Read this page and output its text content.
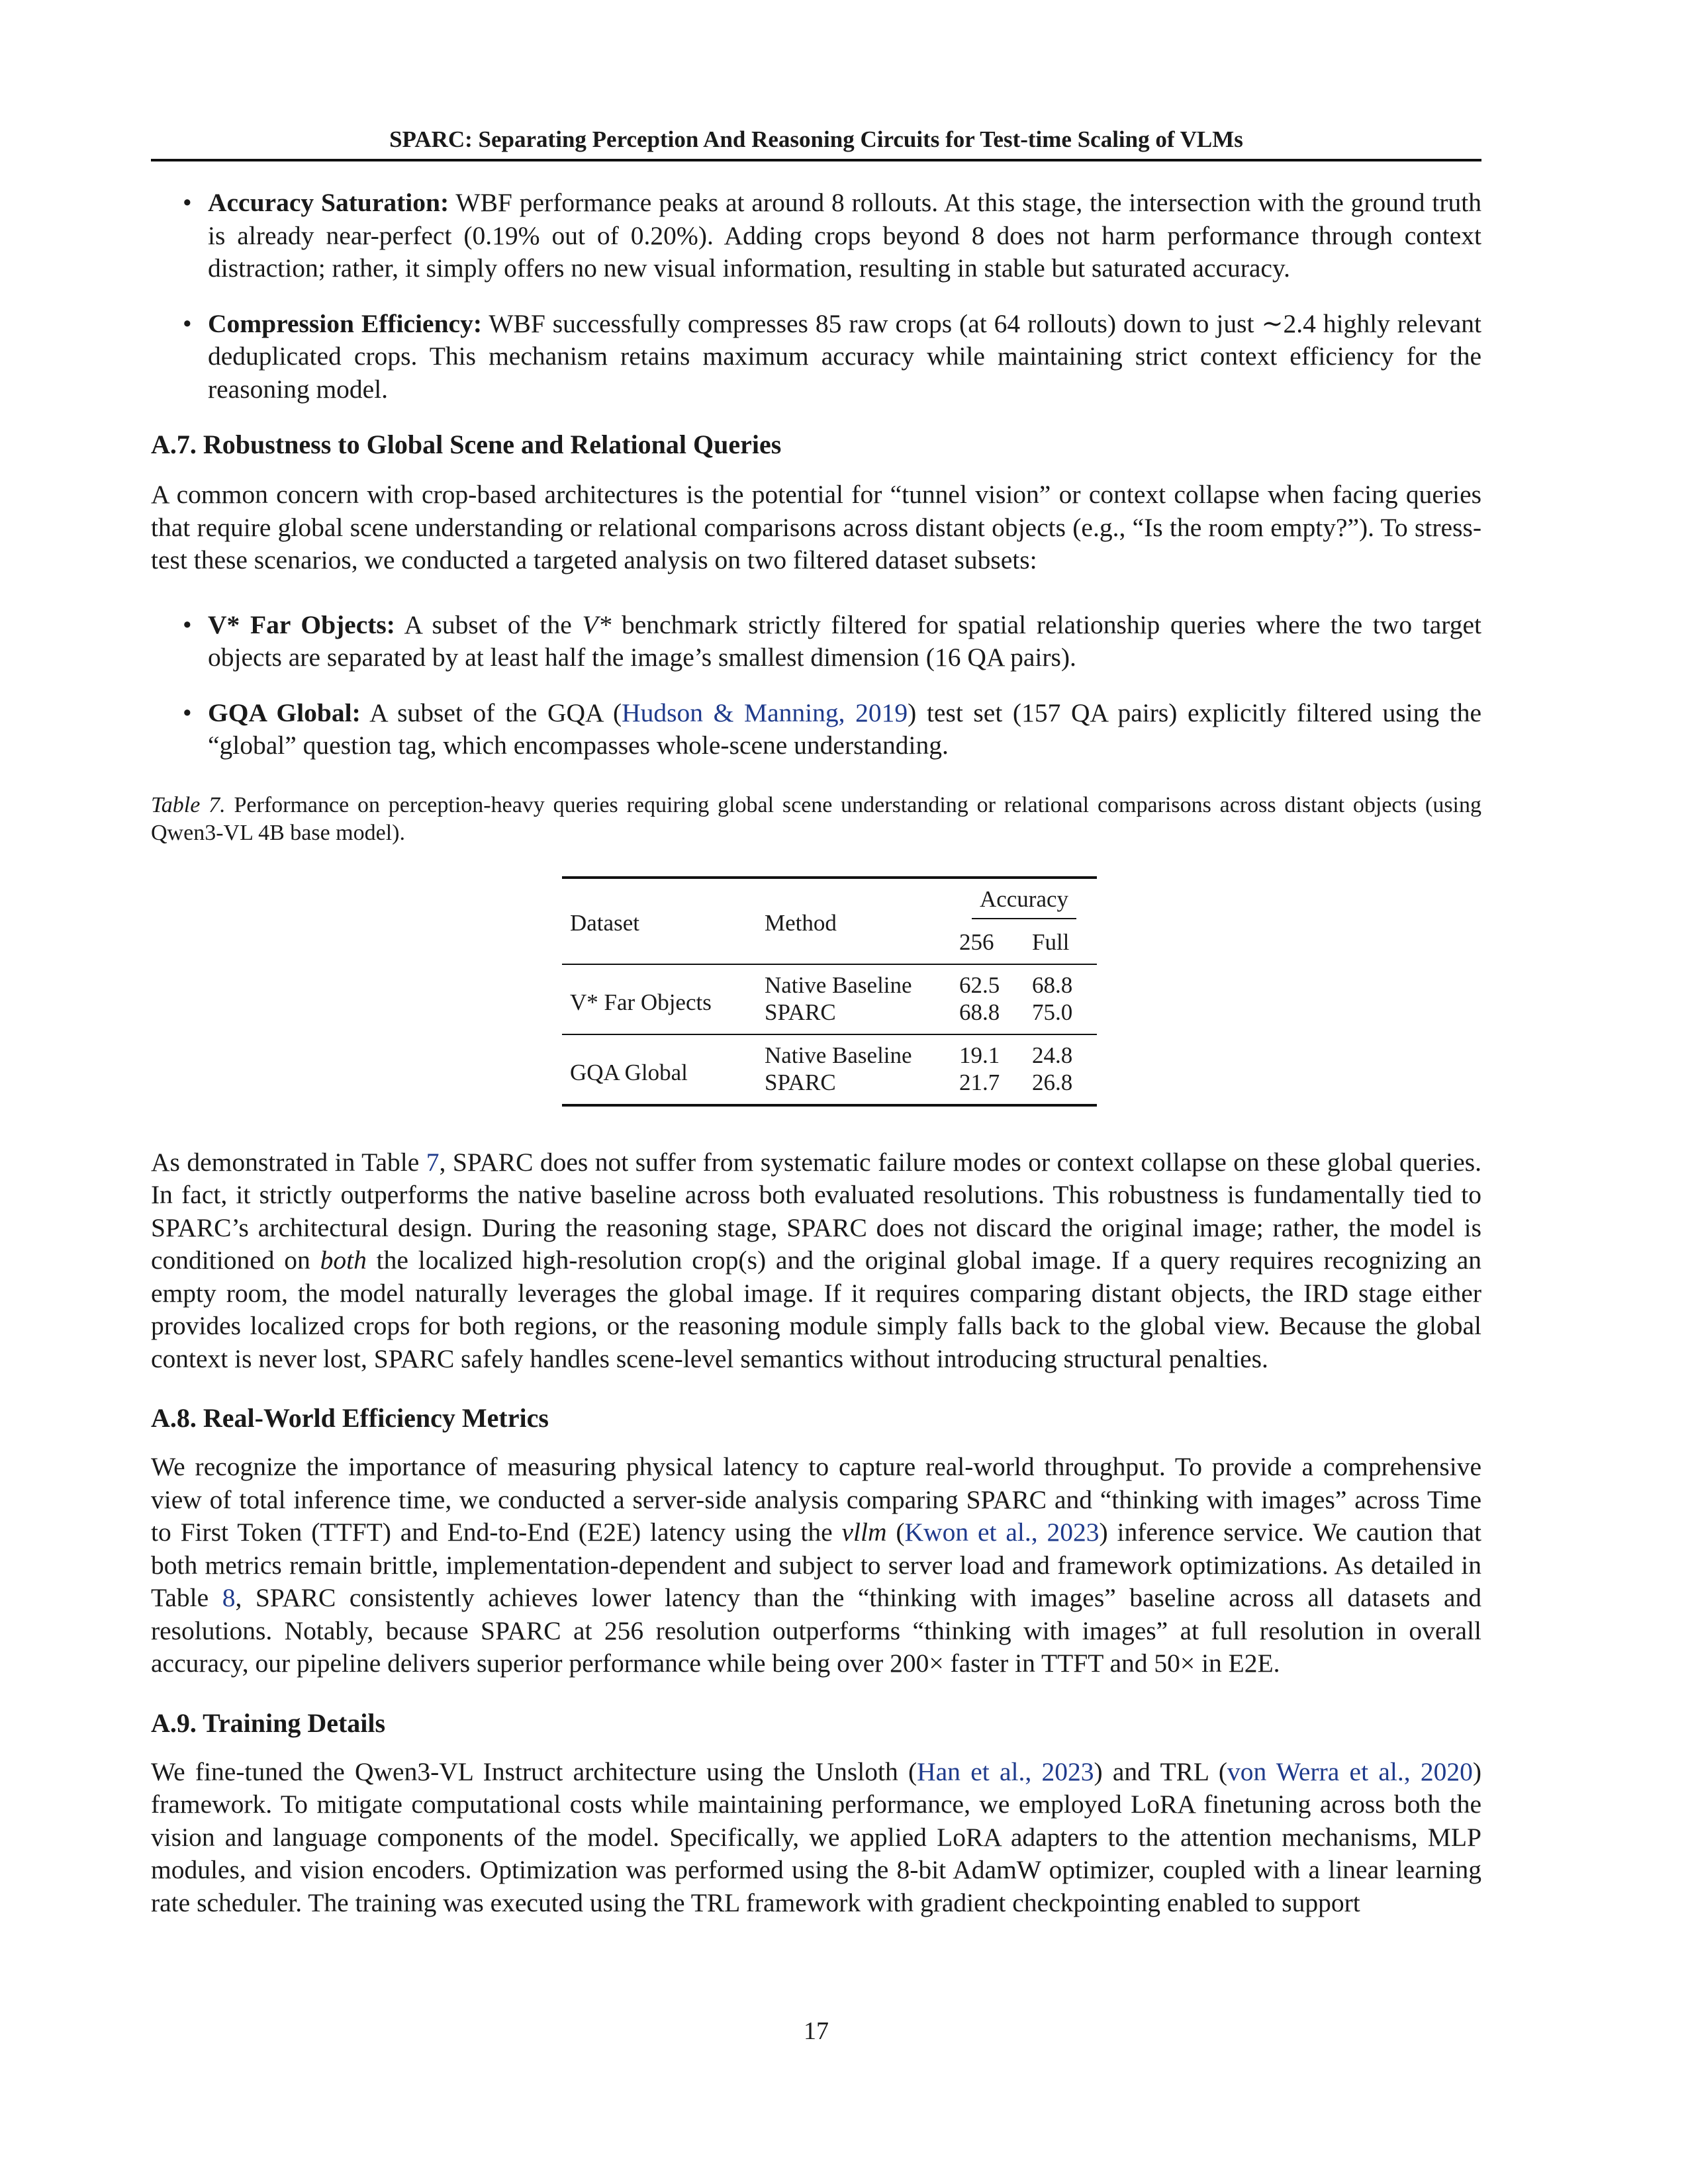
SPARC: Separating Perception And Reasoning Circuits for Test-time Scaling of VLMs
• Accuracy Saturation: WBF performance peaks at around 8 rollouts. At this stage, the intersection with the ground truth is already near-perfect (0.19% out of 0.20%). Adding crops beyond 8 does not harm performance through context distraction; rather, it simply offers no new visual information, resulting in stable but saturated accuracy.
• Compression Efficiency: WBF successfully compresses 85 raw crops (at 64 rollouts) down to just ∼2.4 highly relevant deduplicated crops. This mechanism retains maximum accuracy while maintaining strict context efficiency for the reasoning model.
A.7. Robustness to Global Scene and Relational Queries

A common concern with crop-based architectures is the potential for “tunnel vision” or context collapse when facing queries that require global scene understanding or relational comparisons across distant objects (e.g., “Is the room empty?”). To stress-test these scenarios, we conducted a targeted analysis on two filtered dataset subsets:

• V* Far Objects: A subset of the V* benchmark strictly filtered for spatial relationship queries where the two target objects are separated by at least half the image’s smallest dimension (16 QA pairs).
• GQA Global: A subset of the GQA (Hudson & Manning, 2019) test set (157 QA pairs) explicitly filtered using the “global” question tag, which encompasses whole-scene understanding.

Table 7. Performance on perception-heavy queries requiring global scene understanding or relational comparisons across distant objects (using Qwen3-VL 4B base model).

Dataset	Method	Accuracy	
		256	Full
V* Far Objects	Native Baseline	62.5	68.8
	SPARC	68.8	75.0
GQA Global	Native Baseline	19.1	24.8
	SPARC	21.7	26.8

As demonstrated in Table 7, SPARC does not suffer from systematic failure modes or context collapse on these global queries. In fact, it strictly outperforms the native baseline across both evaluated resolutions. This robustness is fundamentally tied to SPARC’s architectural design. During the reasoning stage, SPARC does not discard the original image; rather, the model is conditioned on both the localized high-resolution crop(s) and the original global image. If a query requires recognizing an empty room, the model naturally leverages the global image. If it requires comparing distant objects, the IRD stage either provides localized crops for both regions, or the reasoning module simply falls back to the global view. Because the global context is never lost, SPARC safely handles scene-level semantics without introducing structural penalties.

A.8. Real-World Efficiency Metrics

We recognize the importance of measuring physical latency to capture real-world throughput. To provide a comprehensive view of total inference time, we conducted a server-side analysis comparing SPARC and “thinking with images” across Time to First Token (TTFT) and End-to-End (E2E) latency using the vllm (Kwon et al., 2023) inference service. We caution that both metrics remain brittle, implementation-dependent and subject to server load and framework optimizations. As detailed in Table 8, SPARC consistently achieves lower latency than the “thinking with images” baseline across all datasets and resolutions. Notably, because SPARC at 256 resolution outperforms “thinking with images” at full resolution in overall accuracy, our pipeline delivers superior performance while being over 200× faster in TTFT and 50× in E2E.

A.9. Training Details

We fine-tuned the Qwen3-VL Instruct architecture using the Unsloth (Han et al., 2023) and TRL (von Werra et al., 2020) framework. To mitigate computational costs while maintaining performance, we employed LoRA finetuning across both the vision and language components of the model. Specifically, we applied LoRA adapters to the attention mechanisms, MLP modules, and vision encoders. Optimization was performed using the 8-bit AdamW optimizer, coupled with a linear learning rate scheduler. The training was executed using the TRL framework with gradient checkpointing enabled to support

17
